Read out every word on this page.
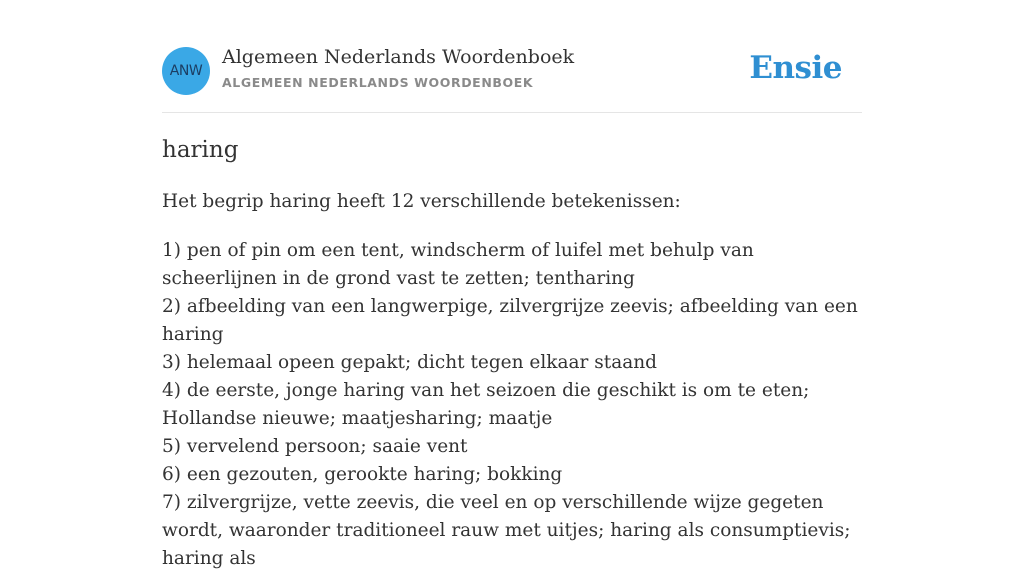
ANW
Algemeen Nederlands Woordenboek
ALGEMEEN NEDERLANDS WOORDENBOEK	Ensie
haring

Het begrip haring heeft 12 verschillende betekenissen:

1) pen of pin om een tent, windscherm of luifel met behulp van scheerlijnen in de grond vast te zetten; tentharing
2) afbeelding van een langwerpige, zilvergrijze zeevis; afbeelding van een haring
3) helemaal opeen gepakt; dicht tegen elkaar staand
4) de eerste, jonge haring van het seizoen die geschikt is om te eten; Hollandse nieuwe; maatjesharing; maatje
5) vervelend persoon; saaie vent
6) een gezouten, gerookte haring; bokking
7) zilvergrijze, vette zeevis, die veel en op verschillende wijze gegeten wordt, waaronder traditioneel rauw met uitjes; haring als consumptievis; haring als
